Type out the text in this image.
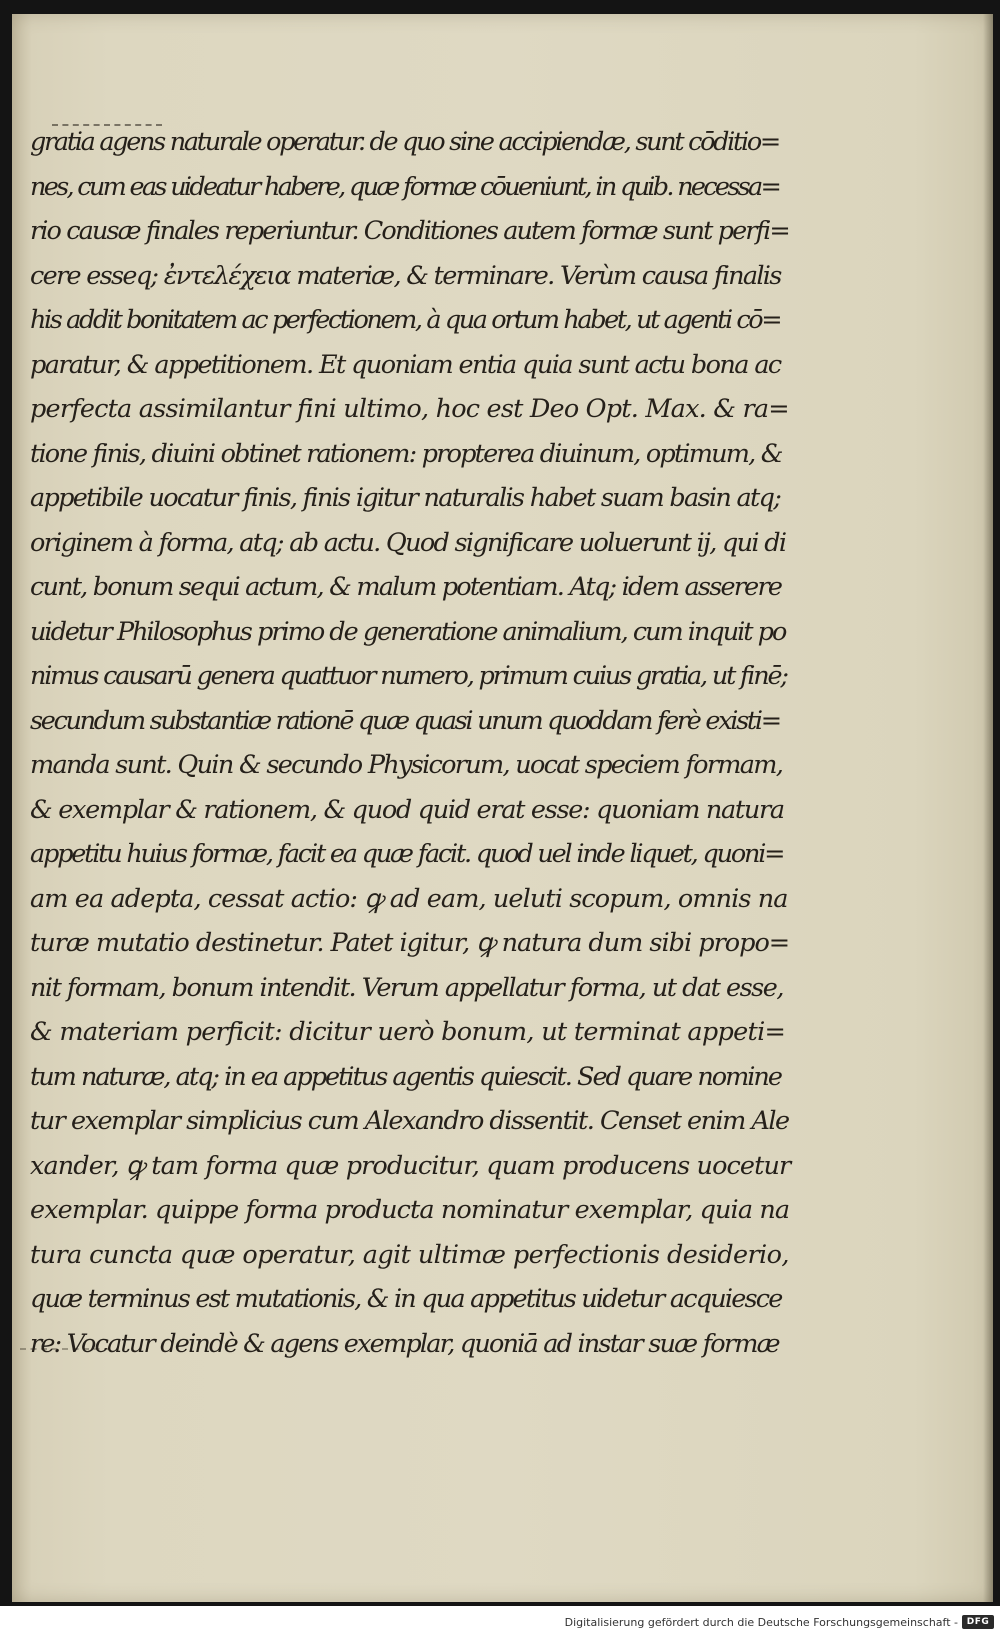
gratia agens naturale operatur. de quo sine accipiendæ, sunt cōditio=
nes, cum eas uideatur habere, quæ formæ cōueniunt, in quib. necessa=
rio causæ finales reperiuntur. Conditiones autem formæ sunt perfi=
cere esseq; ἐντελέχεια materiæ, & terminare. Verùm causa finalis
his addit bonitatem ac perfectionem, à qua ortum habet, ut agenti cō=
paratur, & appetitionem. Et quoniam entia quia sunt actu bona ac
perfecta assimilantur fini ultimo, hoc est Deo Opt. Max. & ra=
tione finis, diuini obtinet rationem: propterea diuinum, optimum, &
appetibile uocatur finis, finis igitur naturalis habet suam basin atq;
originem à forma, atq; ab actu. Quod significare uoluerunt ij, qui di
cunt, bonum sequi actum, & malum potentiam. Atq; idem asserere
uidetur Philosophus primo de generatione animalium, cum inquit po
nimus causarū genera quattuor numero, primum cuius gratia, ut finē;
secundum substantiæ rationē quæ quasi unum quoddam ferè existi=
manda sunt. Quin & secundo Physicorum, uocat speciem formam,
& exemplar & rationem, & quod quid erat esse: quoniam natura
appetitu huius formæ, facit ea quæ facit. quod uel inde liquet, quoni=
am ea adepta, cessat actio: ꝙ ad eam, ueluti scopum, omnis na
turæ mutatio destinetur. Patet igitur, ꝙ natura dum sibi propo=
nit formam, bonum intendit. Verum appellatur forma, ut dat esse,
& materiam perficit: dicitur uerò bonum, ut terminat appeti=
tum naturæ, atq; in ea appetitus agentis quiescit. Sed quare nomine
tur exemplar simplicius cum Alexandro dissentit. Censet enim Ale
xander, ꝙ tam forma quæ producitur, quam producens uocetur
exemplar. quippe forma producta nominatur exemplar, quia na
tura cuncta quæ operatur, agit ultimæ perfectionis desiderio,
quæ terminus est mutationis, & in qua appetitus uidetur acquiesce
re: Vocatur deindè & agens exemplar, quoniā ad instar suæ formæ
Digitalisierung gefördert durch die Deutsche Forschungsgemeinschaft - DFG
